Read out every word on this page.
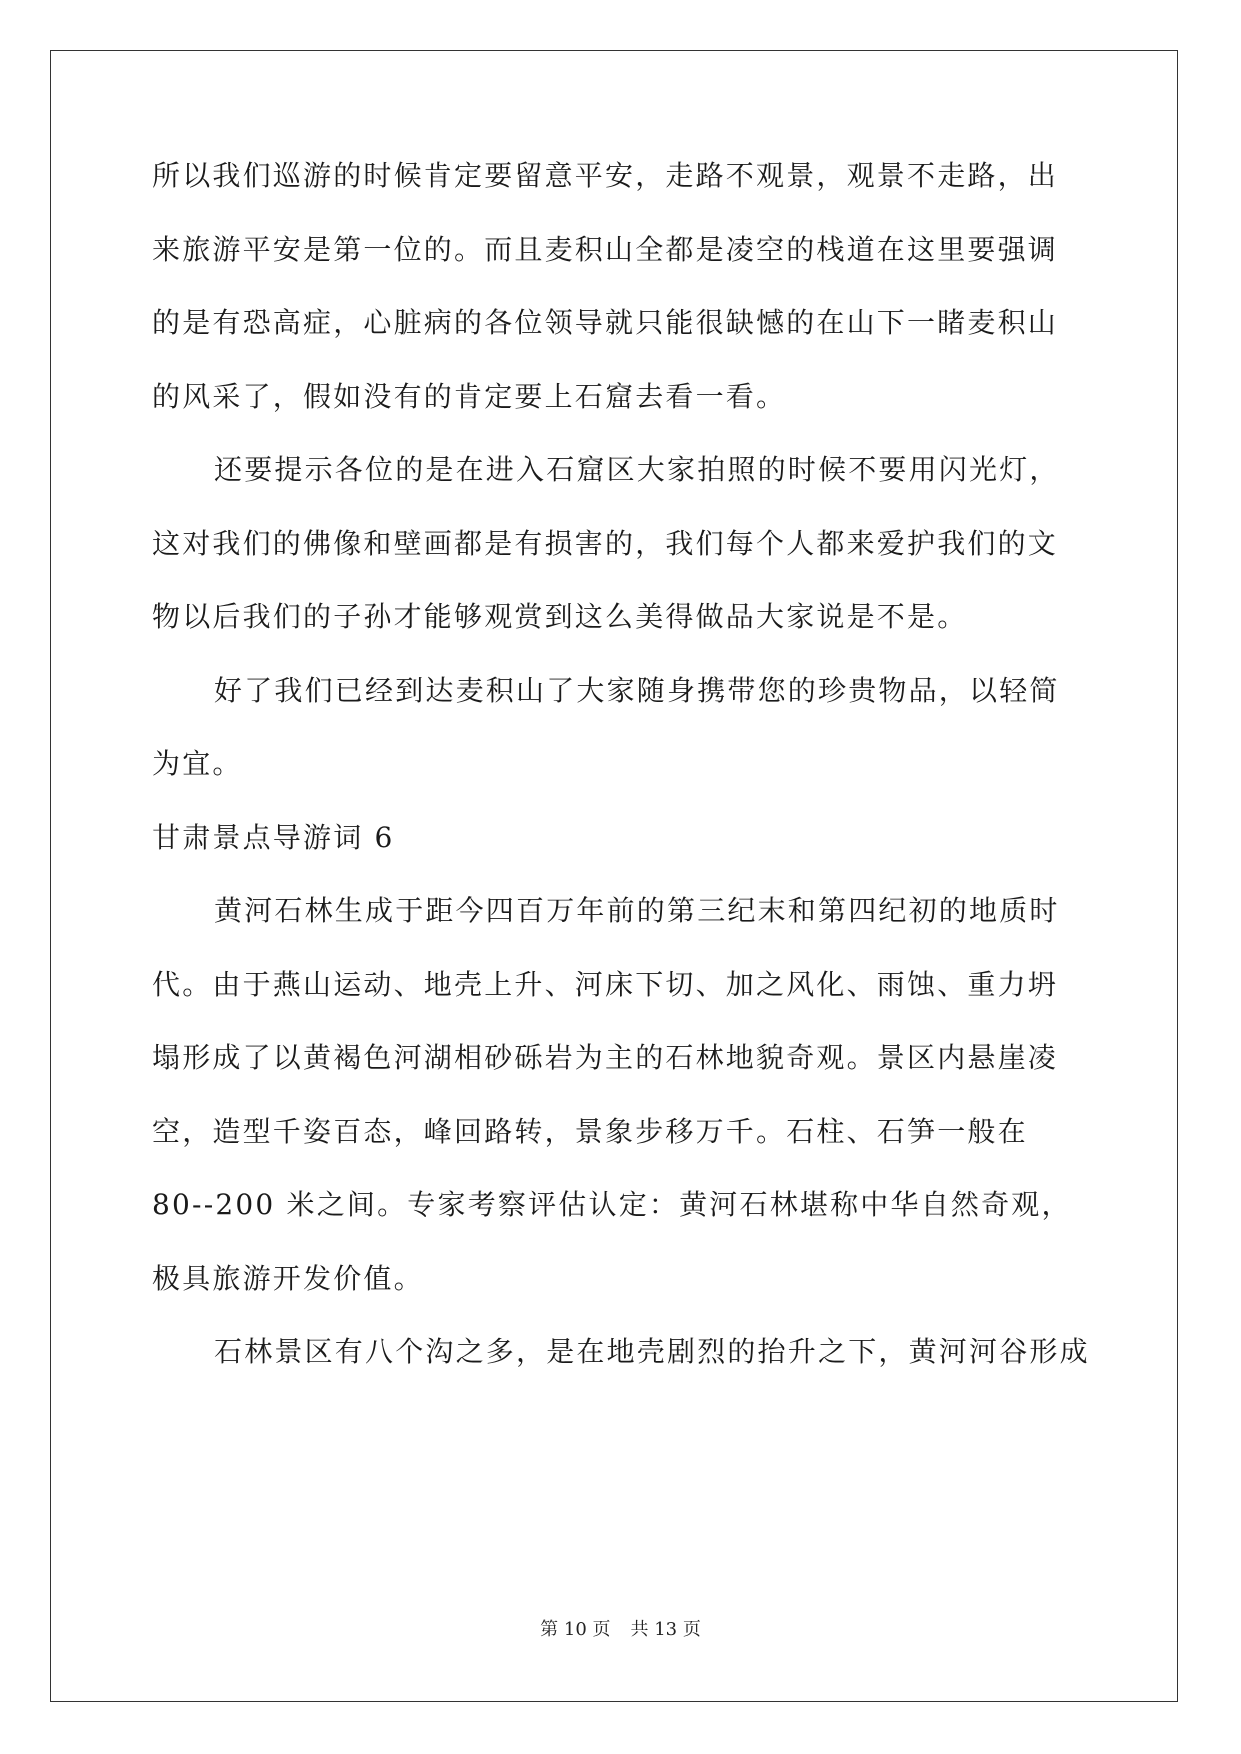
所以我们巡游的时候肯定要留意平安，走路不观景，观景不走路，出
来旅游平安是第一位的。而且麦积山全都是凌空的栈道在这里要强调
的是有恐高症，心脏病的各位领导就只能很缺憾的在山下一睹麦积山
的风采了，假如没有的肯定要上石窟去看一看。
还要提示各位的是在进入石窟区大家拍照的时候不要用闪光灯，
这对我们的佛像和壁画都是有损害的，我们每个人都来爱护我们的文
物以后我们的子孙才能够观赏到这么美得做品大家说是不是。
好了我们已经到达麦积山了大家随身携带您的珍贵物品，以轻简
为宜。
甘肃景点导游词 6
黄河石林生成于距今四百万年前的第三纪末和第四纪初的地质时
代。由于燕山运动、地壳上升、河床下切、加之风化、雨蚀、重力坍
塌形成了以黄褐色河湖相砂砾岩为主的石林地貌奇观。景区内悬崖凌
空，造型千姿百态，峰回路转，景象步移万千。石柱、石笋一般在
80--200 米之间。专家考察评估认定：黄河石林堪称中华自然奇观，
极具旅游开发价值。
石林景区有八个沟之多，是在地壳剧烈的抬升之下，黄河河谷形成
第 10 页 共 13 页
